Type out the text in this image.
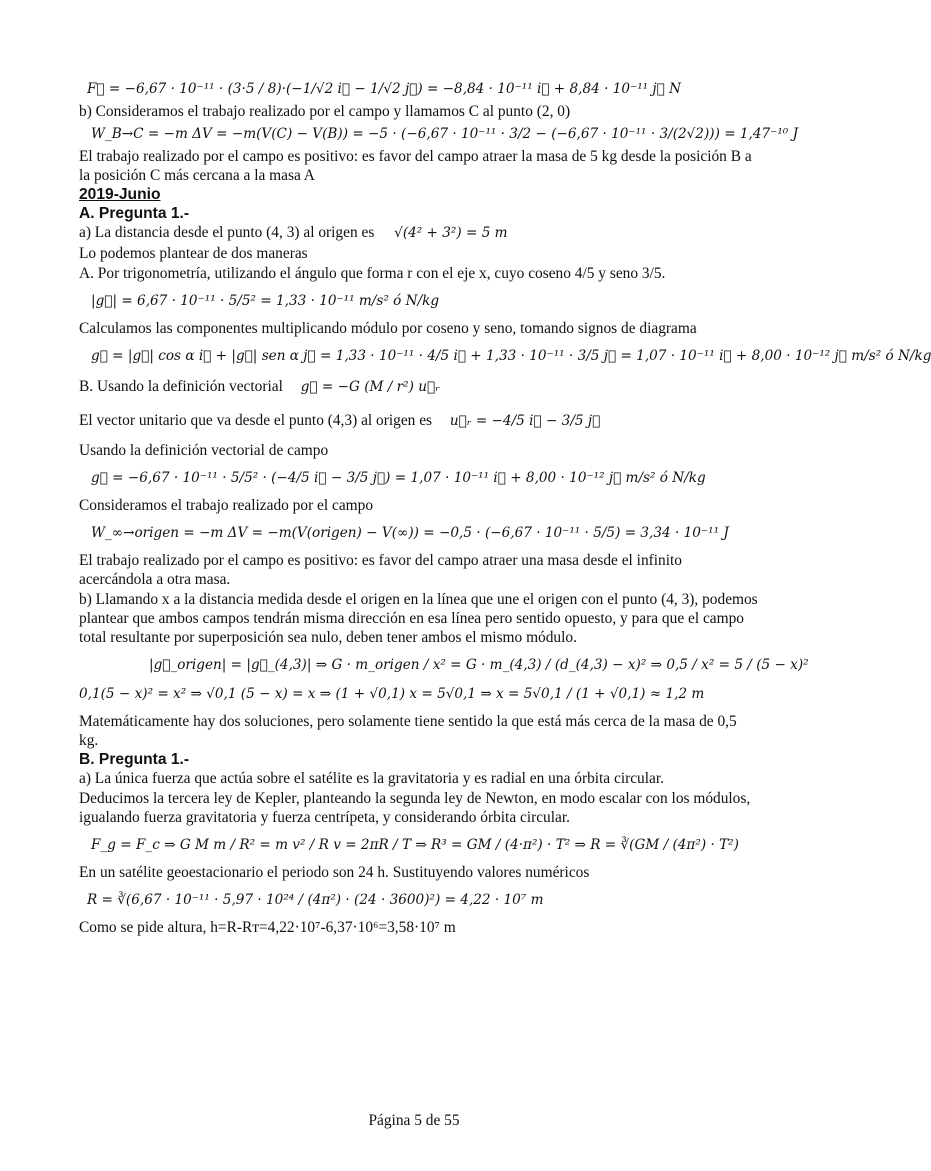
F⃗ = −6,67 · 10⁻¹¹ · (3·5 / 8)·(−1/√2 i⃗ − 1/√2 j⃗) = −8,84 · 10⁻¹¹ i⃗ + 8,84 · 10⁻¹¹ j⃗ N

b) Consideramos el trabajo realizado por el campo y llamamos C al punto (2, 0)

W_B→C = −m ΔV = −m(V(C) − V(B)) = −5 · (−6,67 · 10⁻¹¹ · 3/2 − (−6,67 · 10⁻¹¹ · 3/(2√2))) = 1,47⁻¹⁰ J

El trabajo realizado por el campo es positivo: es favor del campo atraer la masa de 5 kg desde la posición B a la posición C más cercana a la masa A

2019-Junio

A. Pregunta 1.-

a) La distancia desde el punto (4, 3) al origen es √(4² + 3²) = 5 m

Lo podemos plantear de dos maneras

A. Por trigonometría, utilizando el ángulo que forma r con el eje x, cuyo coseno 4/5 y seno 3/5.

|g⃗| = 6,67 · 10⁻¹¹ · 5/5² = 1,33 · 10⁻¹¹ m/s² ó N/kg

Calculamos las componentes multiplicando módulo por coseno y seno, tomando signos de diagrama

g⃗ = |g⃗| cos α i⃗ + |g⃗| sen α j⃗ = 1,33 · 10⁻¹¹ · 4/5 i⃗ + 1,33 · 10⁻¹¹ · 3/5 j⃗ = 1,07 · 10⁻¹¹ i⃗ + 8,00 · 10⁻¹² j⃗ m/s² ó N/kg

B. Usando la definición vectorial g⃗ = −G (M / r²) u⃗ᵣ

El vector unitario que va desde el punto (4,3) al origen es u⃗ᵣ = −4/5 i⃗ − 3/5 j⃗

Usando la definición vectorial de campo

g⃗ = −6,67 · 10⁻¹¹ · 5/5² · (−4/5 i⃗ − 3/5 j⃗) = 1,07 · 10⁻¹¹ i⃗ + 8,00 · 10⁻¹² j⃗ m/s² ó N/kg

Consideramos el trabajo realizado por el campo

W_∞→origen = −m ΔV = −m(V(origen) − V(∞)) = −0,5 · (−6,67 · 10⁻¹¹ · 5/5) = 3,34 · 10⁻¹¹ J

El trabajo realizado por el campo es positivo: es favor del campo atraer una masa desde el infinito acercándola a otra masa.

b) Llamando x a la distancia medida desde el origen en la línea que une el origen con el punto (4, 3), podemos plantear que ambos campos tendrán misma dirección en esa línea pero sentido opuesto, y para que el campo total resultante por superposición sea nulo, deben tener ambos el mismo módulo.

|g⃗_origen| = |g⃗_(4,3)| ⇒ G · m_origen / x² = G · m_(4,3) / (d_(4,3) − x)² ⇒ 0,5 / x² = 5 / (5 − x)²
0,1(5 − x)² = x² ⇒ √0,1 (5 − x) = x ⇒ (1 + √0,1) x = 5√0,1 ⇒ x = 5√0,1 / (1 + √0,1) ≈ 1,2 m

Matemáticamente hay dos soluciones, pero solamente tiene sentido la que está más cerca de la masa de 0,5 kg.

B. Pregunta 1.-

a) La única fuerza que actúa sobre el satélite es la gravitatoria y es radial en una órbita circular.

Deducimos la tercera ley de Kepler, planteando la segunda ley de Newton, en modo escalar con los módulos, igualando fuerza gravitatoria y fuerza centrípeta, y considerando órbita circular.

F_g = F_c ⇒ G M m / R² = m v² / R v = 2πR / T ⇒ R³ = GM / (4·π²) · T² ⇒ R = ∛(GM / (4π²) · T²)

En un satélite geoestacionario el periodo son 24 h. Sustituyendo valores numéricos

R = ∛(6,67 · 10⁻¹¹ · 5,97 · 10²⁴ / (4π²) · (24 · 3600)²) = 4,22 · 10⁷ m

Como se pide altura, h=R-Rᴛ=4,22·10⁷-6,37·10⁶=3,58·10⁷ m

Página 5 de 55
